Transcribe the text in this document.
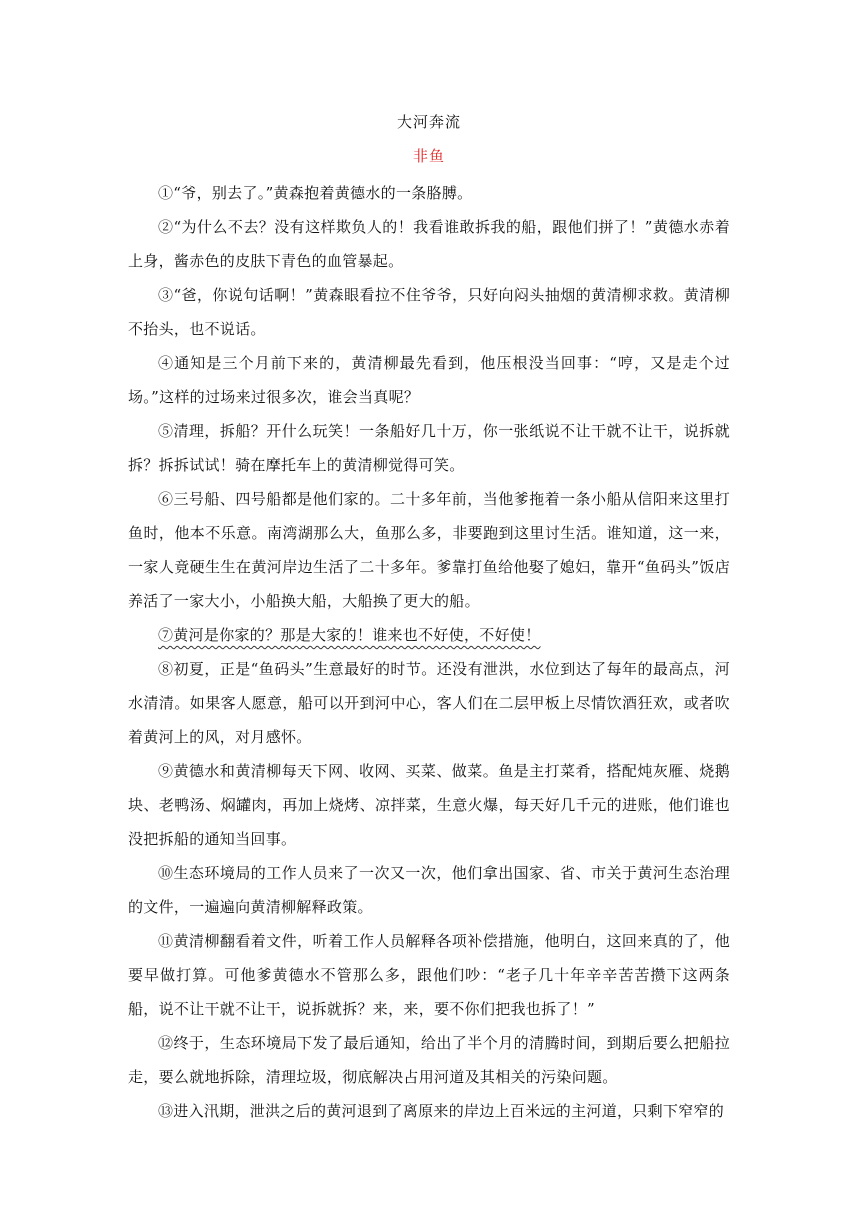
大河奔流
非鱼

①“爷，别去了。”黄森抱着黄德水的一条胳膊。

②“为什么不去？没有这样欺负人的！我看谁敢拆我的船，跟他们拼了！”黄德水赤着上身，酱赤色的皮肤下青色的血管暴起。

③“爸，你说句话啊！”黄森眼看拉不住爷爷，只好向闷头抽烟的黄清柳求救。黄清柳不抬头，也不说话。

④通知是三个月前下来的，黄清柳最先看到，他压根没当回事：“哼，又是走个过场。”这样的过场来过很多次，谁会当真呢？

⑤清理，拆船？开什么玩笑！一条船好几十万，你一张纸说不让干就不让干，说拆就拆？拆拆试试！骑在摩托车上的黄清柳觉得可笑。

⑥三号船、四号船都是他们家的。二十多年前，当他爹拖着一条小船从信阳来这里打鱼时，他本不乐意。南湾湖那么大，鱼那么多，非要跑到这里讨生活。谁知道，这一来，一家人竟硬生生在黄河岸边生活了二十多年。爹靠打鱼给他娶了媳妇，靠开“鱼码头”饭店养活了一家大小，小船换大船，大船换了更大的船。

⑦黄河是你家的？那是大家的！谁来也不好使，不好使！

⑧初夏，正是“鱼码头”生意最好的时节。还没有泄洪，水位到达了每年的最高点，河水清清。如果客人愿意，船可以开到河中心，客人们在二层甲板上尽情饮酒狂欢，或者吹着黄河上的风，对月感怀。

⑨黄德水和黄清柳每天下网、收网、买菜、做菜。鱼是主打菜肴，搭配炖灰雁、烧鹅块、老鸭汤、焖罐肉，再加上烧烤、凉拌菜，生意火爆，每天好几千元的进账，他们谁也没把拆船的通知当回事。

⑩生态环境局的工作人员来了一次又一次，他们拿出国家、省、市关于黄河生态治理的文件，一遍遍向黄清柳解释政策。

⑪黄清柳翻看着文件，听着工作人员解释各项补偿措施，他明白，这回来真的了，他要早做打算。可他爹黄德水不管那么多，跟他们吵：“老子几十年辛辛苦苦攒下这两条船，说不让干就不让干，说拆就拆？来，来，要不你们把我也拆了！”

⑫终于，生态环境局下发了最后通知，给出了半个月的清腾时间，到期后要么把船拉走，要么就地拆除，清理垃圾，彻底解决占用河道及其相关的污染问题。

⑬进入汛期，泄洪之后的黄河退到了离原来的岸边上百米远的主河道，只剩下窄窄的
